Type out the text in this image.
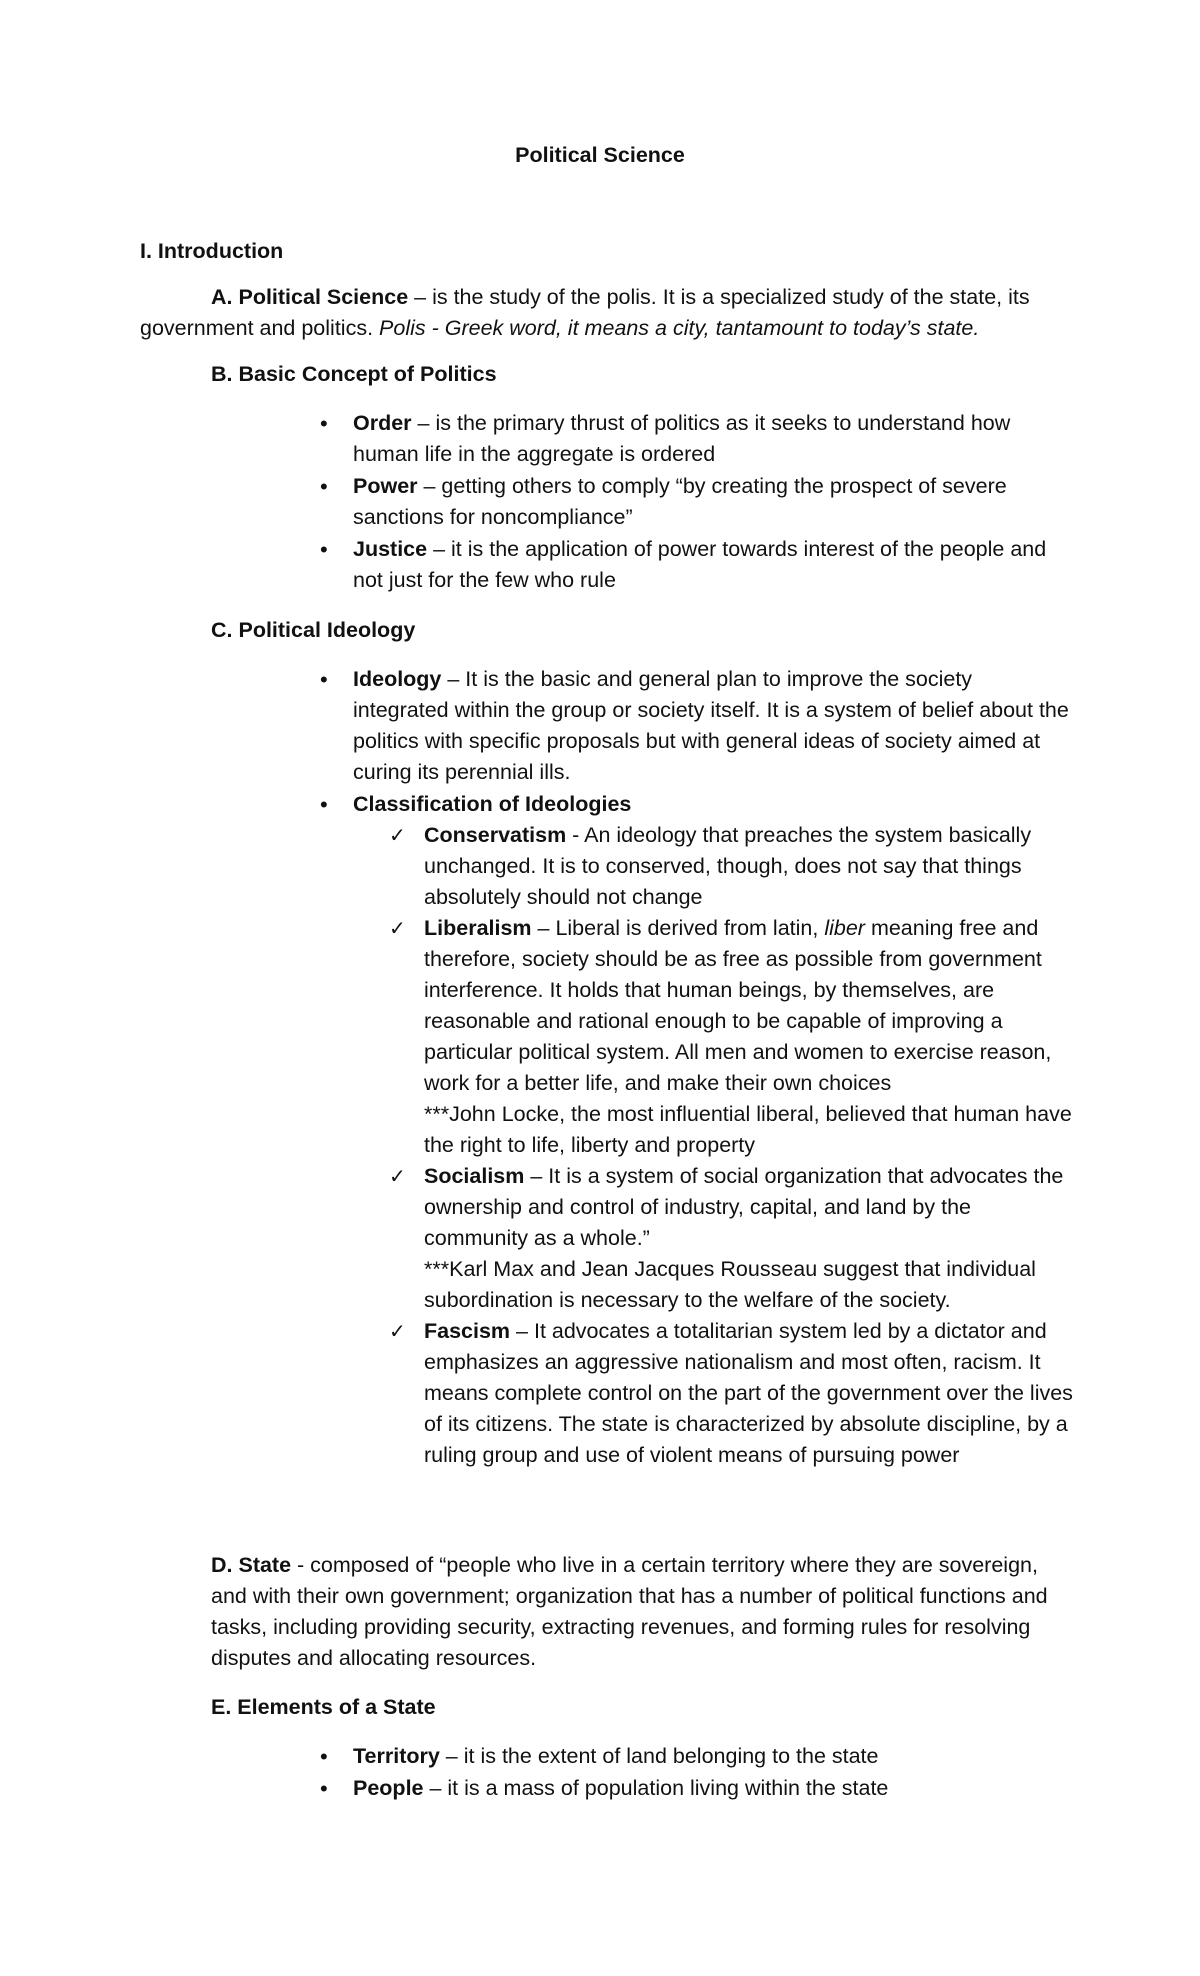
Political Science
I. Introduction
A. Political Science – is the study of the polis. It is a specialized study of the state, its government and politics. Polis - Greek word, it means a city, tantamount to today’s state.
B. Basic Concept of Politics
• Order – is the primary thrust of politics as it seeks to understand how human life in the aggregate is ordered
• Power – getting others to comply “by creating the prospect of severe sanctions for noncompliance”
• Justice – it is the application of power towards interest of the people and not just for the few who rule
C. Political Ideology
• Ideology – It is the basic and general plan to improve the society integrated within the group or society itself. It is a system of belief about the politics with specific proposals but with general ideas of society aimed at curing its perennial ills.
• Classification of Ideologies
✓ Conservatism - An ideology that preaches the system basically unchanged. It is to conserved, though, does not say that things absolutely should not change
✓ Liberalism – Liberal is derived from latin, liber meaning free and therefore, society should be as free as possible from government interference. It holds that human beings, by themselves, are reasonable and rational enough to be capable of improving a particular political system. All men and women to exercise reason, work for a better life, and make their own choices
***John Locke, the most influential liberal, believed that human have the right to life, liberty and property
✓ Socialism – It is a system of social organization that advocates the ownership and control of industry, capital, and land by the community as a whole.”
***Karl Max and Jean Jacques Rousseau suggest that individual subordination is necessary to the welfare of the society.
✓ Fascism – It advocates a totalitarian system led by a dictator and emphasizes an aggressive nationalism and most often, racism. It means complete control on the part of the government over the lives of its citizens. The state is characterized by absolute discipline, by a ruling group and use of violent means of pursuing power
D. State - composed of “people who live in a certain territory where they are sovereign, and with their own government; organization that has a number of political functions and tasks, including providing security, extracting revenues, and forming rules for resolving disputes and allocating resources.
E. Elements of a State
• Territory – it is the extent of land belonging to the state
• People – it is a mass of population living within the state
